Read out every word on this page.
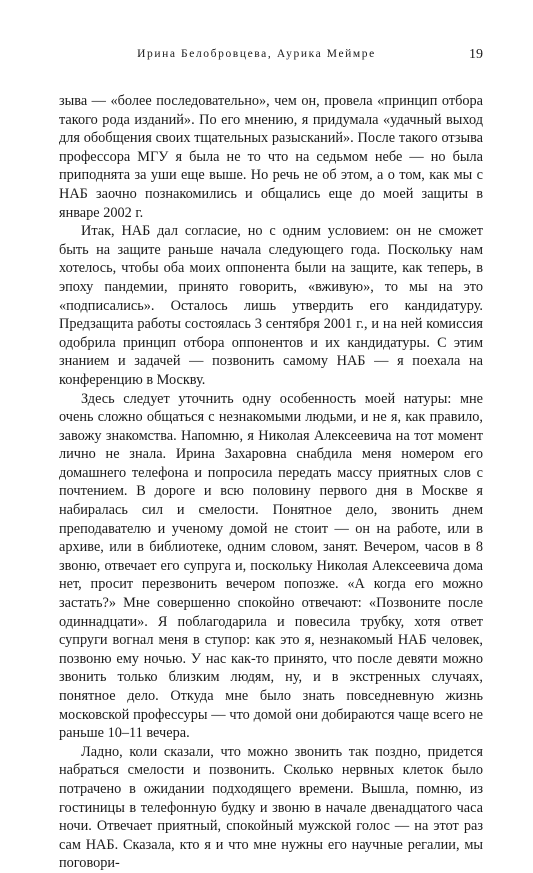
Ирина Белобровцева, Аурика Меймре	19

зыва — «более последовательно», чем он, провела «принцип отбора такого рода изданий». По его мнению, я придумала «удачный выход для обобщения своих тщательных разысканий». После такого отзыва профессора МГУ я была не то что на седьмом небе — но была приподнята за уши еще выше. Но речь не об этом, а о том, как мы с НАБ заочно познакомились и общались еще до моей защиты в январе 2002 г.

Итак, НАБ дал согласие, но с одним условием: он не сможет быть на защите раньше начала следующего года. Поскольку нам хотелось, чтобы оба моих оппонента были на защите, как теперь, в эпоху пандемии, принято говорить, «вживую», то мы на это «подписались». Осталось лишь утвердить его кандидатуру. Предзащита работы состоялась 3 сентября 2001 г., и на ней комиссия одобрила принцип отбора оппонентов и их кандидатуры. С этим знанием и задачей — позвонить самому НАБ — я поехала на конференцию в Москву.

Здесь следует уточнить одну особенность моей натуры: мне очень сложно общаться с незнакомыми людьми, и не я, как правило, завожу знакомства. Напомню, я Николая Алексеевича на тот момент лично не знала. Ирина Захаровна снабдила меня номером его домашнего телефона и попросила передать массу приятных слов с почтением. В дороге и всю половину первого дня в Москве я набиралась сил и смелости. Понятное дело, звонить днем преподавателю и ученому домой не стоит — он на работе, или в архиве, или в библиотеке, одним словом, занят. Вечером, часов в 8 звоню, отвечает его супруга и, поскольку Николая Алексеевича дома нет, просит перезвонить вечером попозже. «А когда его можно застать?» Мне совершенно спокойно отвечают: «Позвоните после одиннадцати». Я поблагодарила и повесила трубку, хотя ответ супруги вогнал меня в ступор: как это я, незнакомый НАБ человек, позвоню ему ночью. У нас как-то принято, что после девяти можно звонить только близким людям, ну, и в экстренных случаях, понятное дело. Откуда мне было знать повседневную жизнь московской профессуры — что домой они добираются чаще всего не раньше 10–11 вечера.

Ладно, коли сказали, что можно звонить так поздно, придется набраться смелости и позвонить. Сколько нервных клеток было потрачено в ожидании подходящего времени. Вышла, помню, из гостиницы в телефонную будку и звоню в начале двенадцатого часа ночи. Отвечает приятный, спокойный мужской голос — на этот раз сам НАБ. Сказала, кто я и что мне нужны его научные регалии, мы поговори-
